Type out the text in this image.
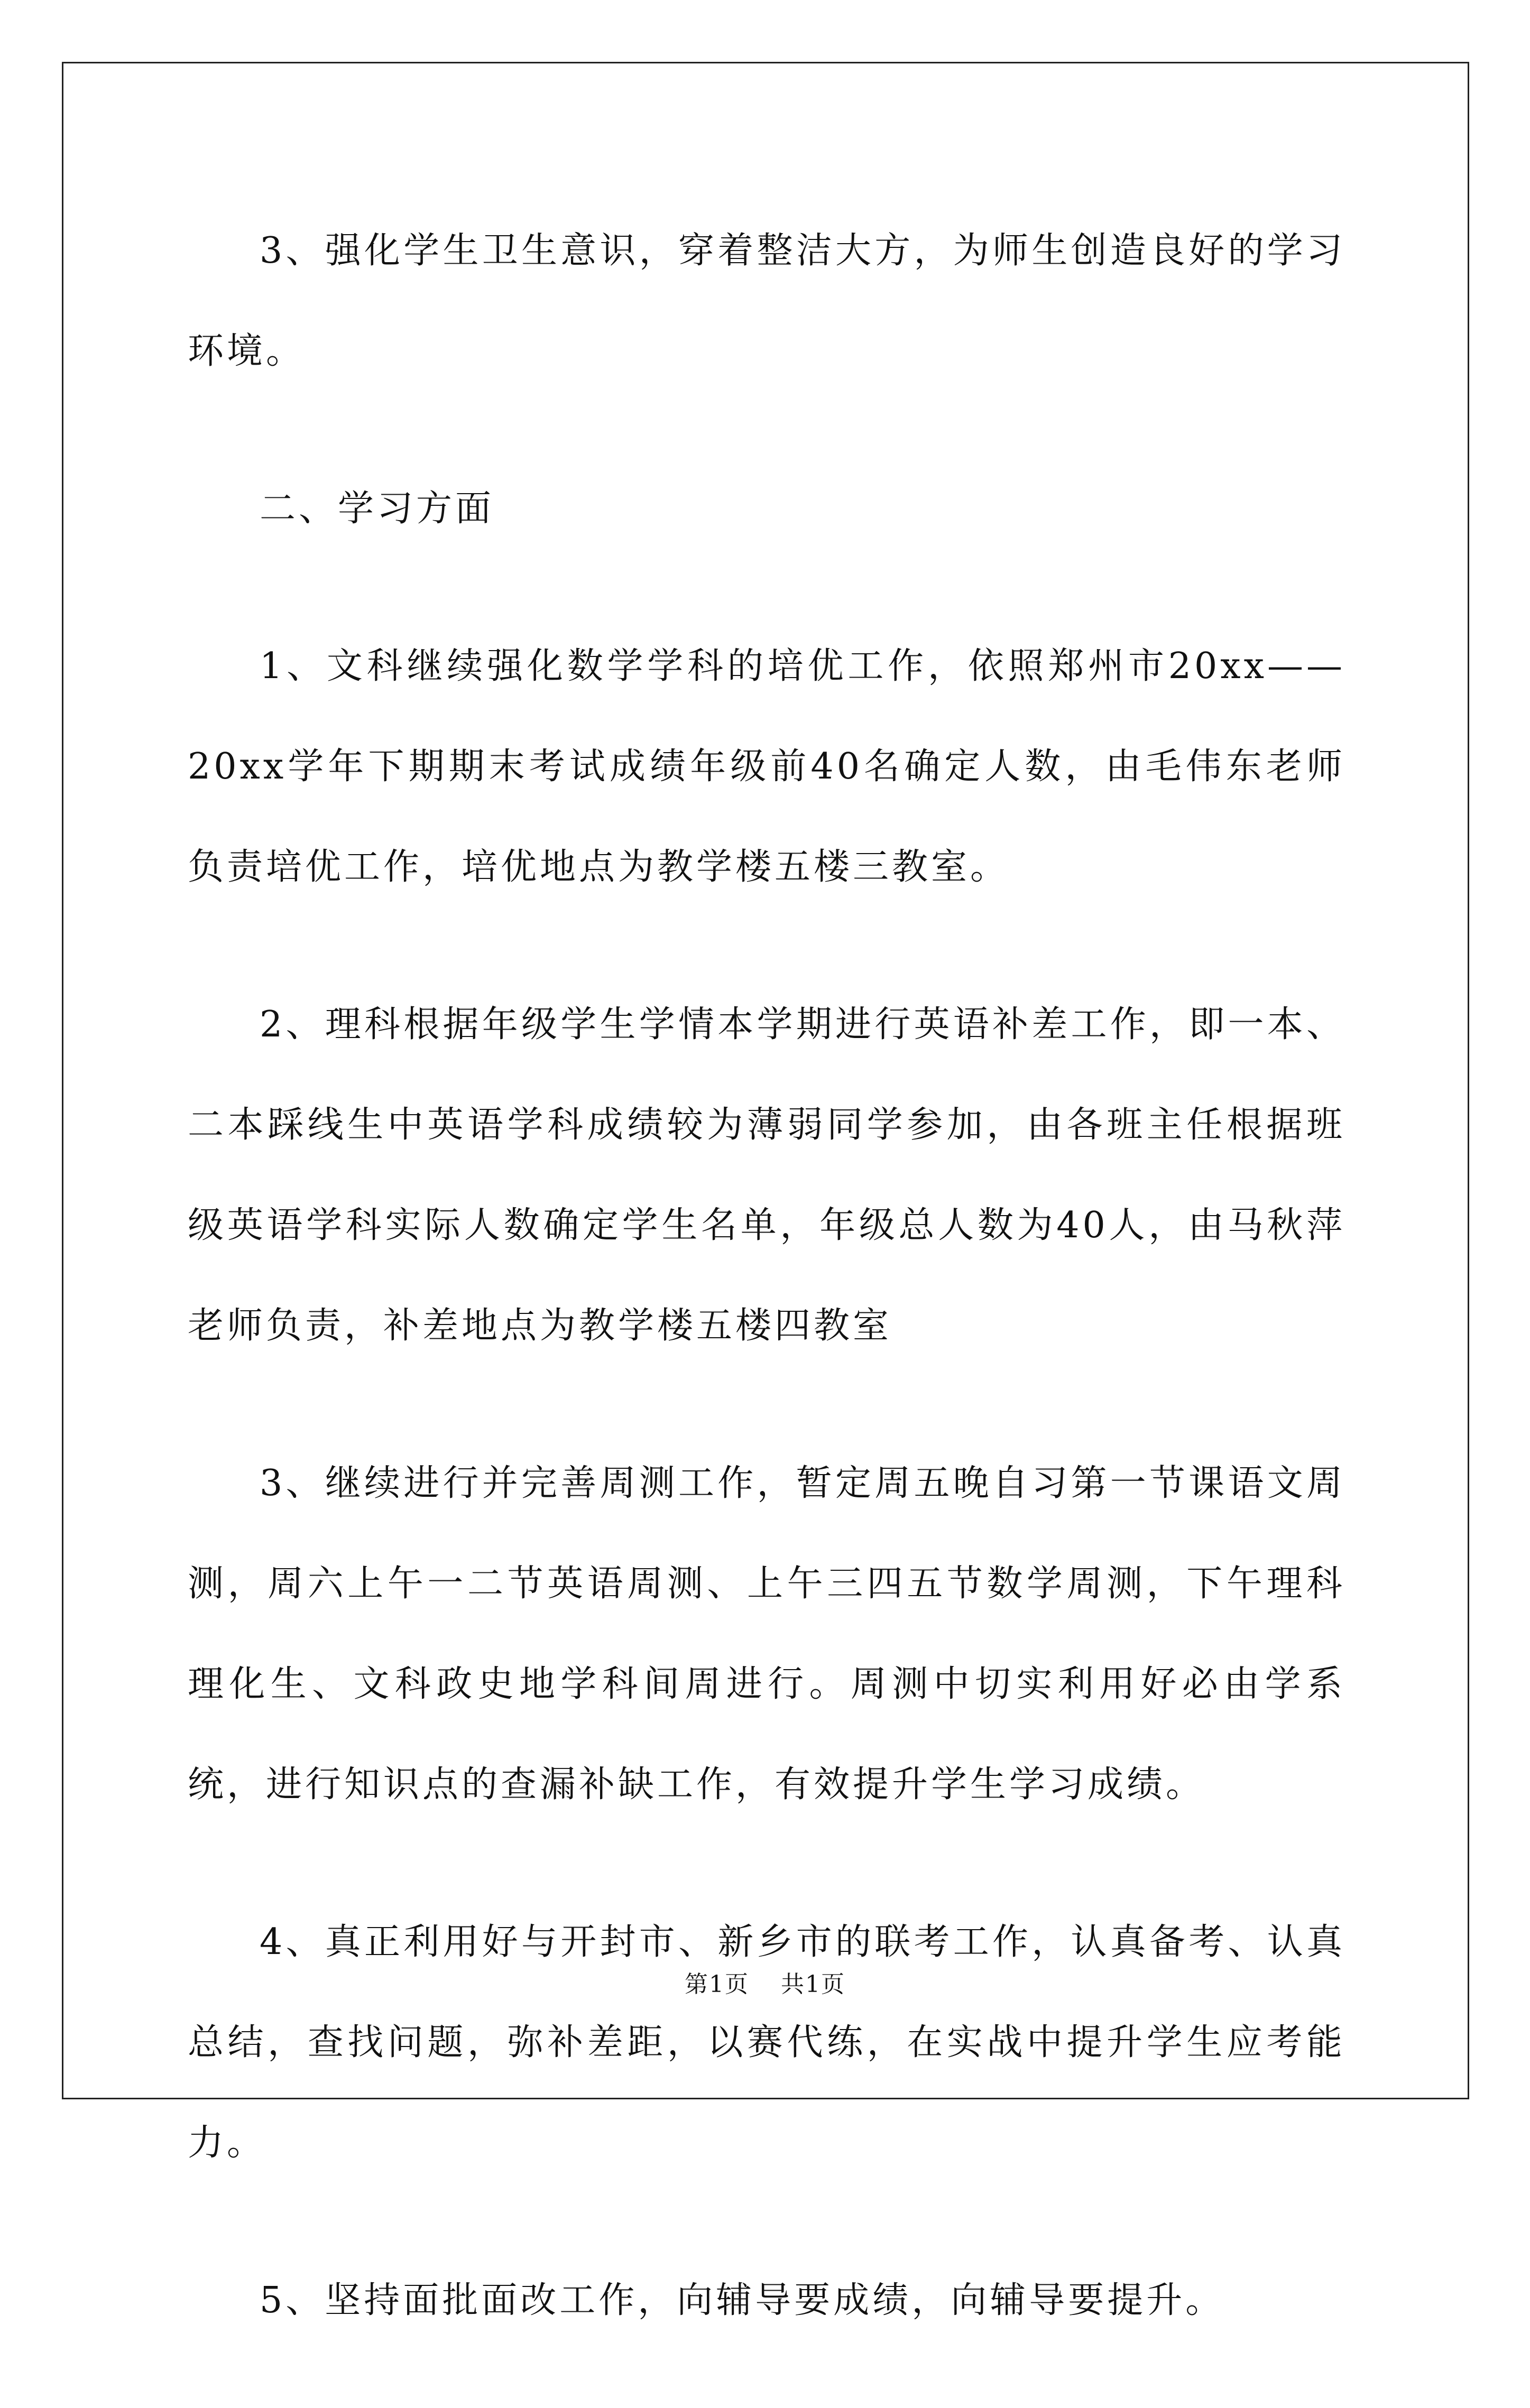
3、强化学生卫生意识，穿着整洁大方，为师生创造良好的学习环境。

二、学习方面

1、文科继续强化数学学科的培优工作，依照郑州市20xx——20xx学年下期期末考试成绩年级前40名确定人数，由毛伟东老师负责培优工作，培优地点为教学楼五楼三教室。

2、理科根据年级学生学情本学期进行英语补差工作，即一本、二本踩线生中英语学科成绩较为薄弱同学参加，由各班主任根据班级英语学科实际人数确定学生名单，年级总人数为40人，由马秋萍老师负责，补差地点为教学楼五楼四教室

3、继续进行并完善周测工作，暂定周五晚自习第一节课语文周测，周六上午一二节英语周测、上午三四五节数学周测，下午理科理化生、文科政史地学科间周进行。周测中切实利用好必由学系统，进行知识点的查漏补缺工作，有效提升学生学习成绩。

4、真正利用好与开封市、新乡市的联考工作，认真备考、认真总结，查找问题，弥补差距，以赛代练，在实战中提升学生应考能力。

5、坚持面批面改工作，向辅导要成绩，向辅导要提升。

第1页 共1页
